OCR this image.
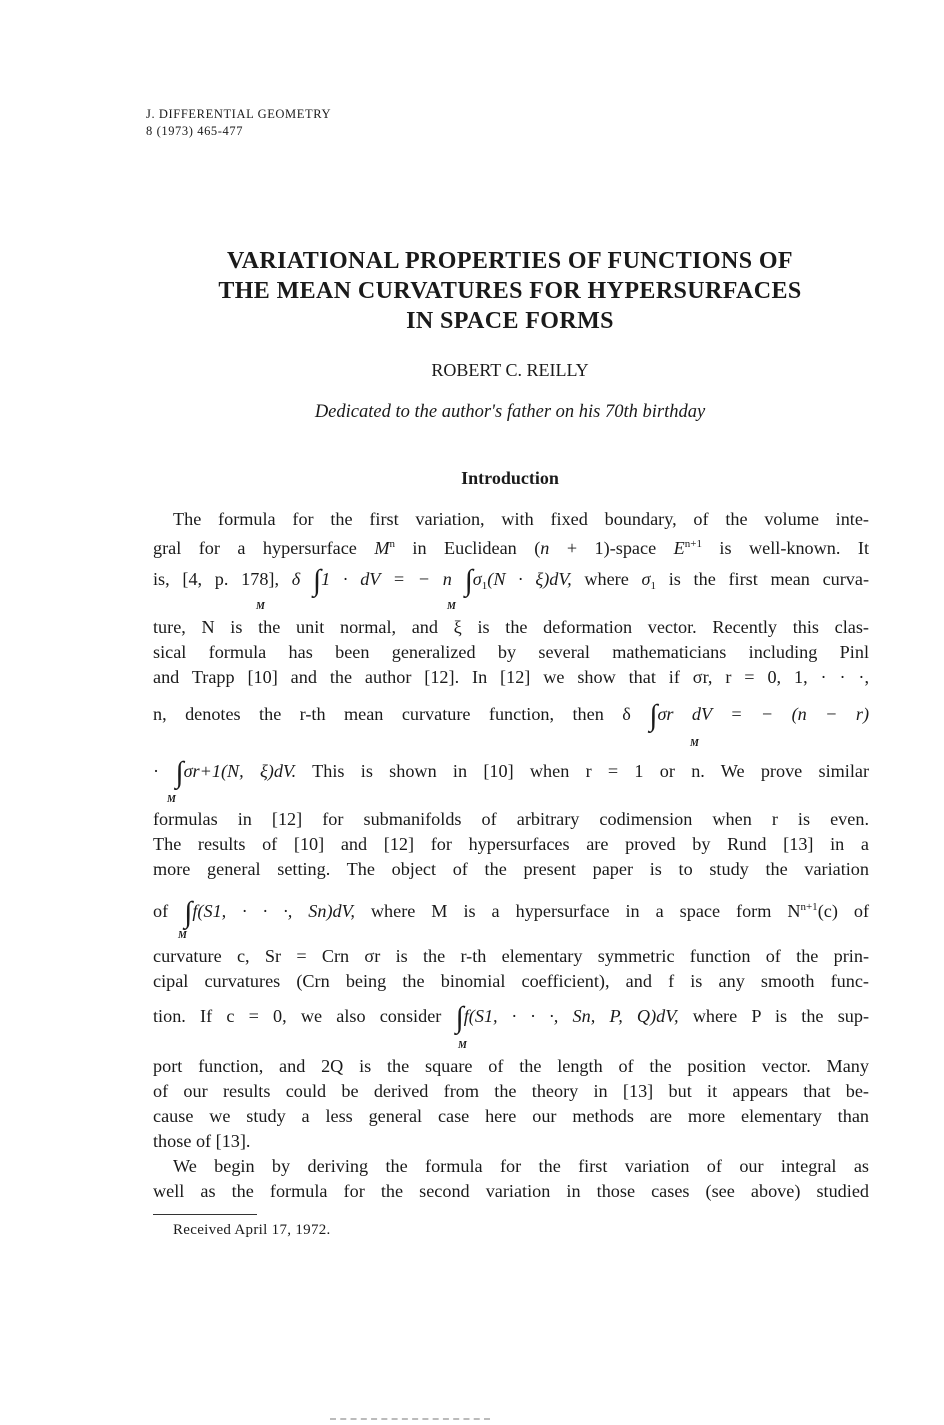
J. DIFFERENTIAL GEOMETRY
8 (1973) 465-477
VARIATIONAL PROPERTIES OF FUNCTIONS OF
THE MEAN CURVATURES FOR HYPERSURFACES
IN SPACE FORMS
ROBERT C. REILLY
Dedicated to the author's father on his 70th birthday
Introduction
The formula for the first variation, with fixed boundary, of the volume inte-
gral for a hypersurface $M^n$ in Euclidean (n + 1)-space $E^{n+1}$ is well-known. It
is, [4, p. 178], δ ∫1 · dV = − n $\int\sigma_1(N \cdot \xi)dV$, where $\sigma_1$ is the first mean curva-
M	M
ture, N is the unit normal, and ξ is the deformation vector. Recently this clas-
sical formula has been generalized by several mathematicians including Pinl
and Trapp [10] and the author [12]. In [12] we show that if σr, r = 0, 1, · · ·,
n, denotes the r-th mean curvature function, then δ ∫σr dV = − (n − r)
M
· ∫σr+1(N, ξ)dV. This is shown in [10] when r = 1 or n. We prove similar
M
formulas in [12] for submanifolds of arbitrary codimension when r is even.
The results of [10] and [12] for hypersurfaces are proved by Rund [13] in a
more general setting. The object of the present paper is to study the variation
of ∫f(S1, · · ·, Sn)dV, where M is a hypersurface in a space form $N^{n+1}(c)$ of
M
curvature c, Sr = Crn σr is the r-th elementary symmetric function of the prin-
cipal curvatures (Crn being the binomial coefficient), and f is any smooth func-
tion. If c = 0, we also consider ∫f(S1, · · ·, Sn, P, Q)dV, where P is the sup-
M
port function, and 2Q is the square of the length of the position vector. Many
of our results could be derived from the theory in [13] but it appears that be-
cause we study a less general case here our methods are more elementary than
those of [13].
We begin by deriving the formula for the first variation of our integral as
well as the formula for the second variation in those cases (see above) studied
Received April 17, 1972.
